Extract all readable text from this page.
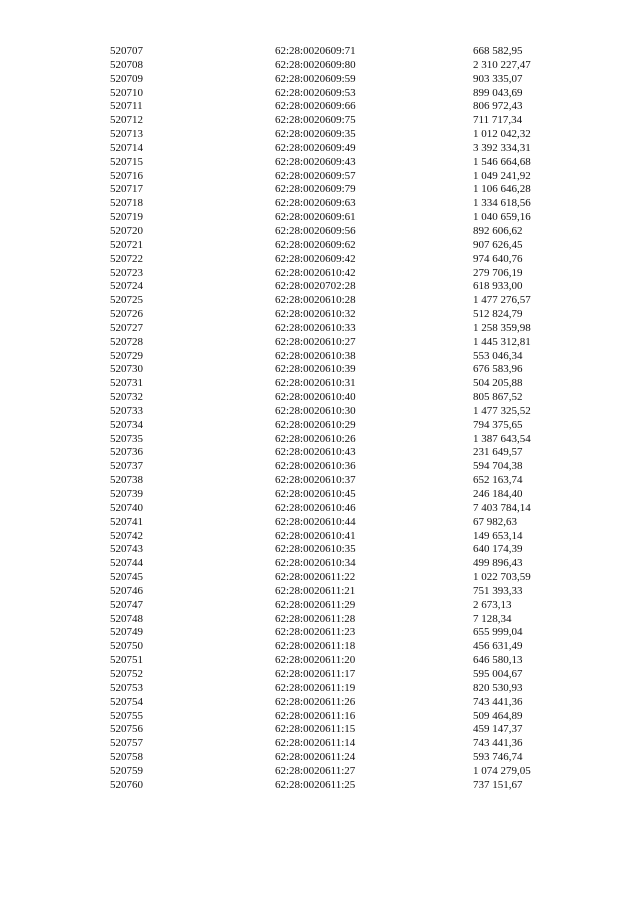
520707	62:28:0020609:71	668 582,95
520708	62:28:0020609:80	2 310 227,47
520709	62:28:0020609:59	903 335,07
520710	62:28:0020609:53	899 043,69
520711	62:28:0020609:66	806 972,43
520712	62:28:0020609:75	711 717,34
520713	62:28:0020609:35	1 012 042,32
520714	62:28:0020609:49	3 392 334,31
520715	62:28:0020609:43	1 546 664,68
520716	62:28:0020609:57	1 049 241,92
520717	62:28:0020609:79	1 106 646,28
520718	62:28:0020609:63	1 334 618,56
520719	62:28:0020609:61	1 040 659,16
520720	62:28:0020609:56	892 606,62
520721	62:28:0020609:62	907 626,45
520722	62:28:0020609:42	974 640,76
520723	62:28:0020610:42	279 706,19
520724	62:28:0020702:28	618 933,00
520725	62:28:0020610:28	1 477 276,57
520726	62:28:0020610:32	512 824,79
520727	62:28:0020610:33	1 258 359,98
520728	62:28:0020610:27	1 445 312,81
520729	62:28:0020610:38	553 046,34
520730	62:28:0020610:39	676 583,96
520731	62:28:0020610:31	504 205,88
520732	62:28:0020610:40	805 867,52
520733	62:28:0020610:30	1 477 325,52
520734	62:28:0020610:29	794 375,65
520735	62:28:0020610:26	1 387 643,54
520736	62:28:0020610:43	231 649,57
520737	62:28:0020610:36	594 704,38
520738	62:28:0020610:37	652 163,74
520739	62:28:0020610:45	246 184,40
520740	62:28:0020610:46	7 403 784,14
520741	62:28:0020610:44	67 982,63
520742	62:28:0020610:41	149 653,14
520743	62:28:0020610:35	640 174,39
520744	62:28:0020610:34	499 896,43
520745	62:28:0020611:22	1 022 703,59
520746	62:28:0020611:21	751 393,33
520747	62:28:0020611:29	2 673,13
520748	62:28:0020611:28	7 128,34
520749	62:28:0020611:23	655 999,04
520750	62:28:0020611:18	456 631,49
520751	62:28:0020611:20	646 580,13
520752	62:28:0020611:17	595 004,67
520753	62:28:0020611:19	820 530,93
520754	62:28:0020611:26	743 441,36
520755	62:28:0020611:16	509 464,89
520756	62:28:0020611:15	459 147,37
520757	62:28:0020611:14	743 441,36
520758	62:28:0020611:24	593 746,74
520759	62:28:0020611:27	1 074 279,05
520760	62:28:0020611:25	737 151,67
